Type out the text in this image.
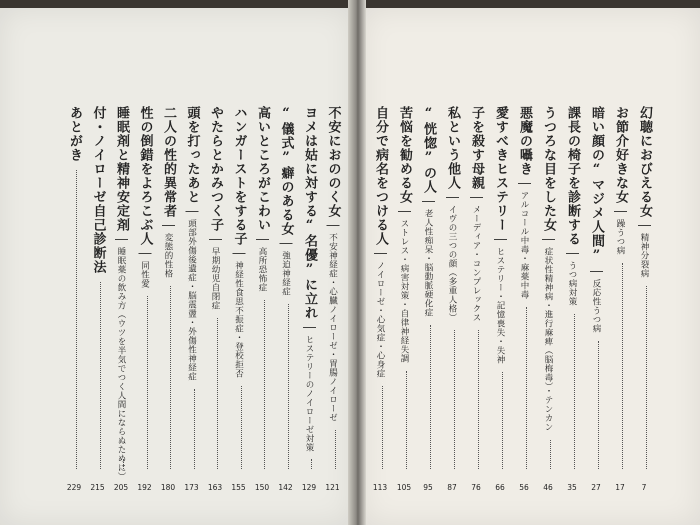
あとがき
229
付・ノイローゼ自己診断法
215
睡眠剤と精神安定剤―睡眠薬の飲み方（ウツを半気でつく人間にならぬために）
205
性の倒錯をよろこぶ人―同性愛
192
二人の性的異常者―変態的性格
180
頭を打ったあと―頭部外傷後遺症・脳震盪・外傷性神経症
173
やたらとかみつく子―早期幼児自閉症
163
ハンガーストをする子―神経性食思不振症・登校拒否
155
高いところがこわい―高所恐怖症
150
“儀式”癖のある女―強迫神経症
142
ヨメは姑に対する“名優”に立れ―ヒステリーのノイローゼ対策
129
不安におののく女―不安神経症・心臓ノイローゼ・胃腸ノイローゼ
121
自分で病名をつける人―ノイローゼ・心気症・心身症
113
苦悩を勧める女―ストレス・病害対策・自律神経失調
105
“恍惚”の人―老人性痴呆・脳動脈硬化症
95
私という他人―イヴの三つの顔（多重人格）
87
子を殺す母親―メーディア・コンプレックス
76
愛すべきヒステリー―ヒステリー・記憶喪失・失神
66
悪魔の囁き―アルコール中毒・麻薬中毒
56
うつろな目をした女―症状性精神病・進行麻痺（脳梅毒）・テンカン
46
課長の椅子を診断する―うつ病対策
35
暗い顔の“マジメ人間”―反応性うつ病
27
お節介好きな女―躁うつ病
17
幻聴におびえる女―精神分裂病
7
